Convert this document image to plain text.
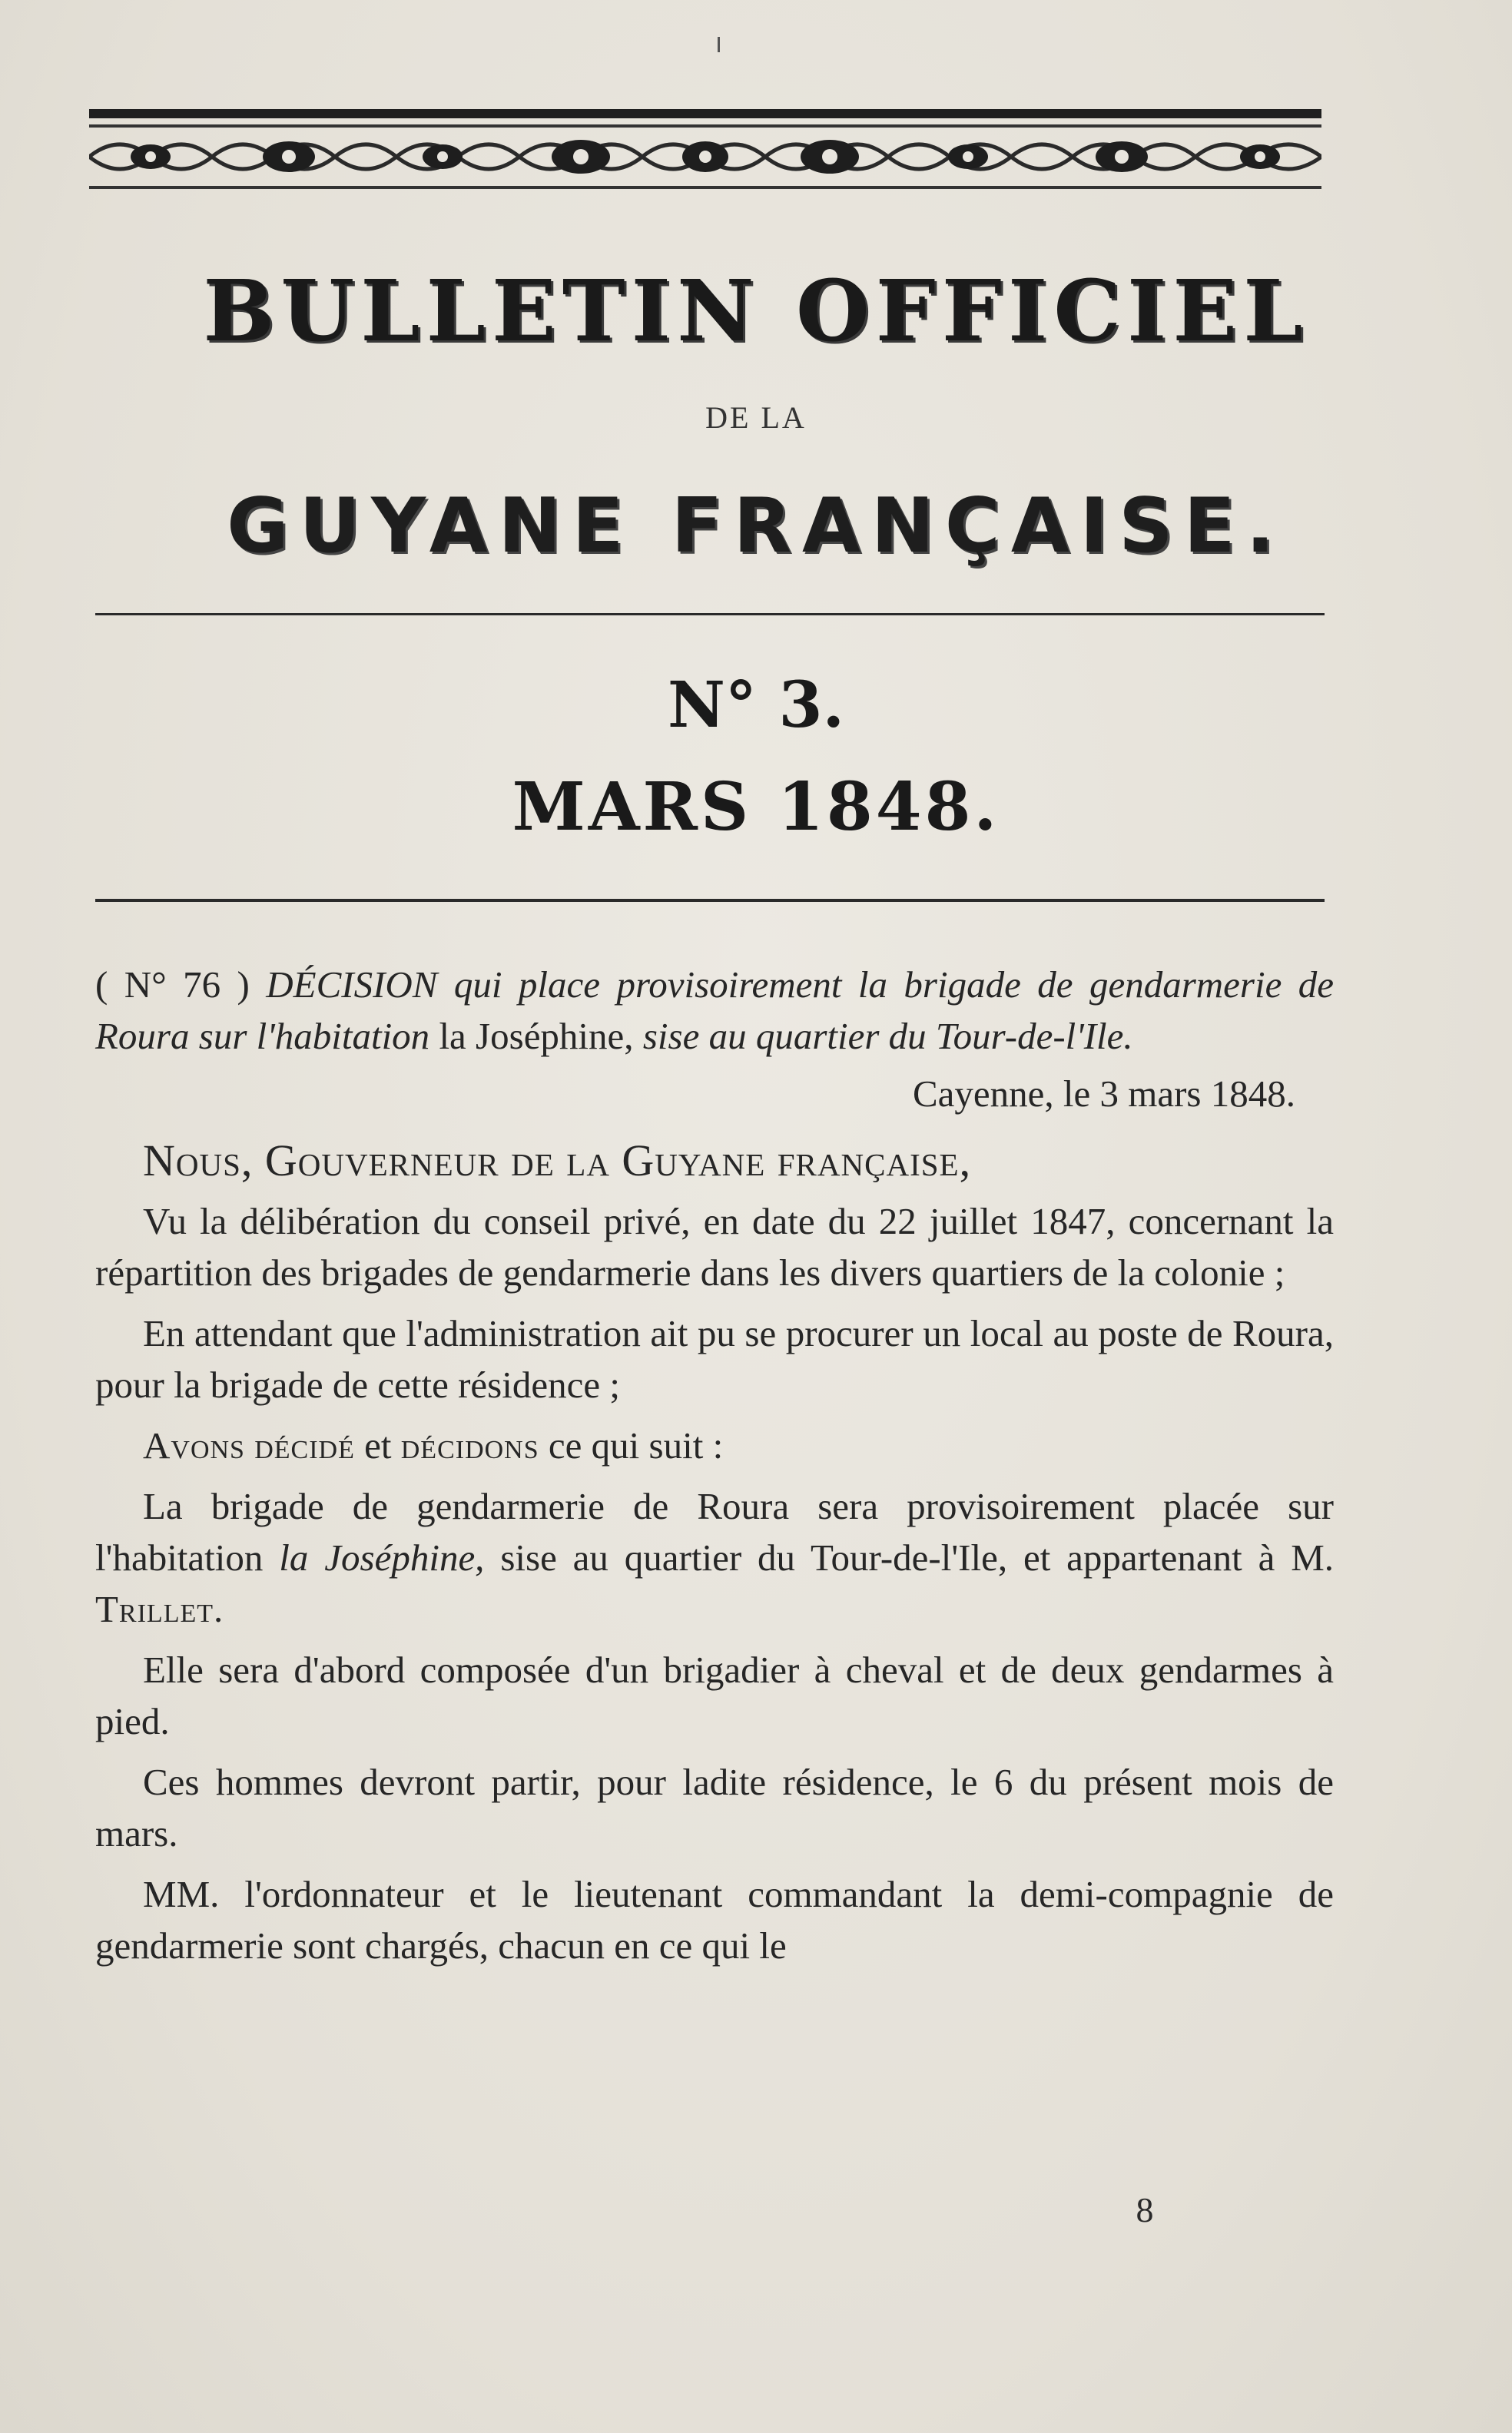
BULLETIN OFFICIEL
DE LA
GUYANE FRANÇAISE.
N° 3.
MARS 1848.

( N° 76 ) DÉCISION qui place provisoirement la brigade de gendarmerie de Roura sur l'habitation la Joséphine, sise au quartier du Tour-de-l'Ile.

Cayenne, le 3 mars 1848.

Nous, Gouverneur de la Guyane française,

Vu la délibération du conseil privé, en date du 22 juillet 1847, concernant la répartition des brigades de gendarmerie dans les divers quartiers de la colonie ;

En attendant que l'administration ait pu se procurer un local au poste de Roura, pour la brigade de cette résidence ;

Avons décidé et décidons ce qui suit :

La brigade de gendarmerie de Roura sera provisoirement placée sur l'habitation la Joséphine, sise au quartier du Tour-de-l'Ile, et appartenant à M. Trillet.

Elle sera d'abord composée d'un brigadier à cheval et de deux gendarmes à pied.

Ces hommes devront partir, pour ladite résidence, le 6 du présent mois de mars.

MM. l'ordonnateur et le lieutenant commandant la demi-compagnie de gendarmerie sont chargés, chacun en ce qui le

8
